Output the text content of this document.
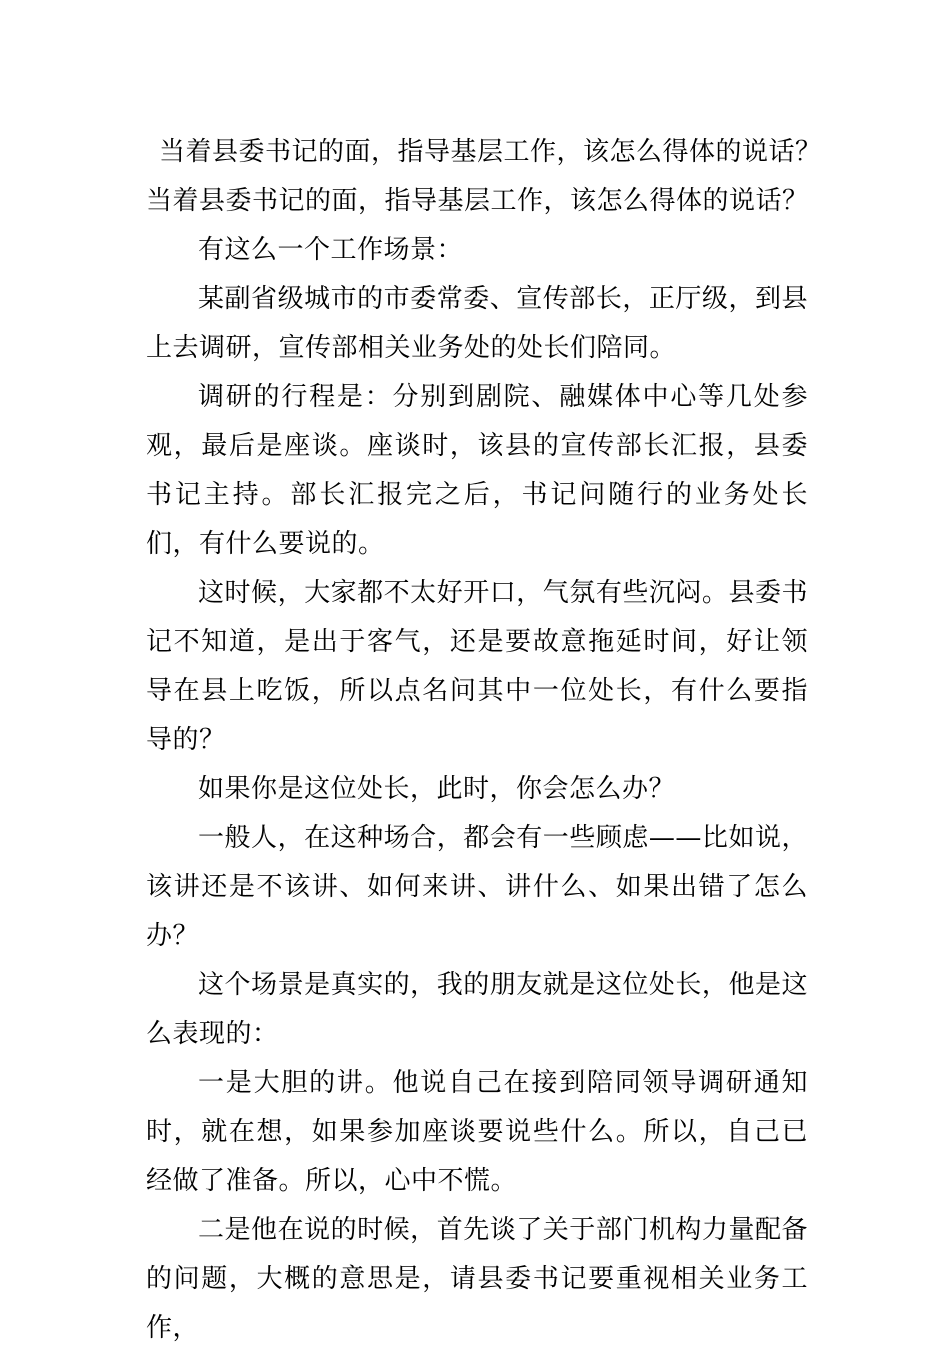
当着县委书记的面，指导基层工作，该怎么得体的说话？

当着县委书记的面，指导基层工作，该怎么得体的说话？

有这么一个工作场景：

某副省级城市的市委常委、宣传部长，正厅级，到县上去调研，宣传部相关业务处的处长们陪同。

调研的行程是：分别到剧院、融媒体中心等几处参观，最后是座谈。座谈时，该县的宣传部长汇报，县委书记主持。部长汇报完之后，书记问随行的业务处长们，有什么要说的。

这时候，大家都不太好开口，气氛有些沉闷。县委书记不知道，是出于客气，还是要故意拖延时间，好让领导在县上吃饭，所以点名问其中一位处长，有什么要指导的？

如果你是这位处长，此时，你会怎么办？

一般人，在这种场合，都会有一些顾虑——比如说，该讲还是不该讲、如何来讲、讲什么、如果出错了怎么办？

这个场景是真实的，我的朋友就是这位处长，他是这么表现的：

一是大胆的讲。他说自己在接到陪同领导调研通知时，就在想，如果参加座谈要说些什么。所以，自己已经做了准备。所以，心中不慌。

二是他在说的时候，首先谈了关于部门机构力量配备的问题，大概的意思是，请县委书记要重视相关业务工作，
